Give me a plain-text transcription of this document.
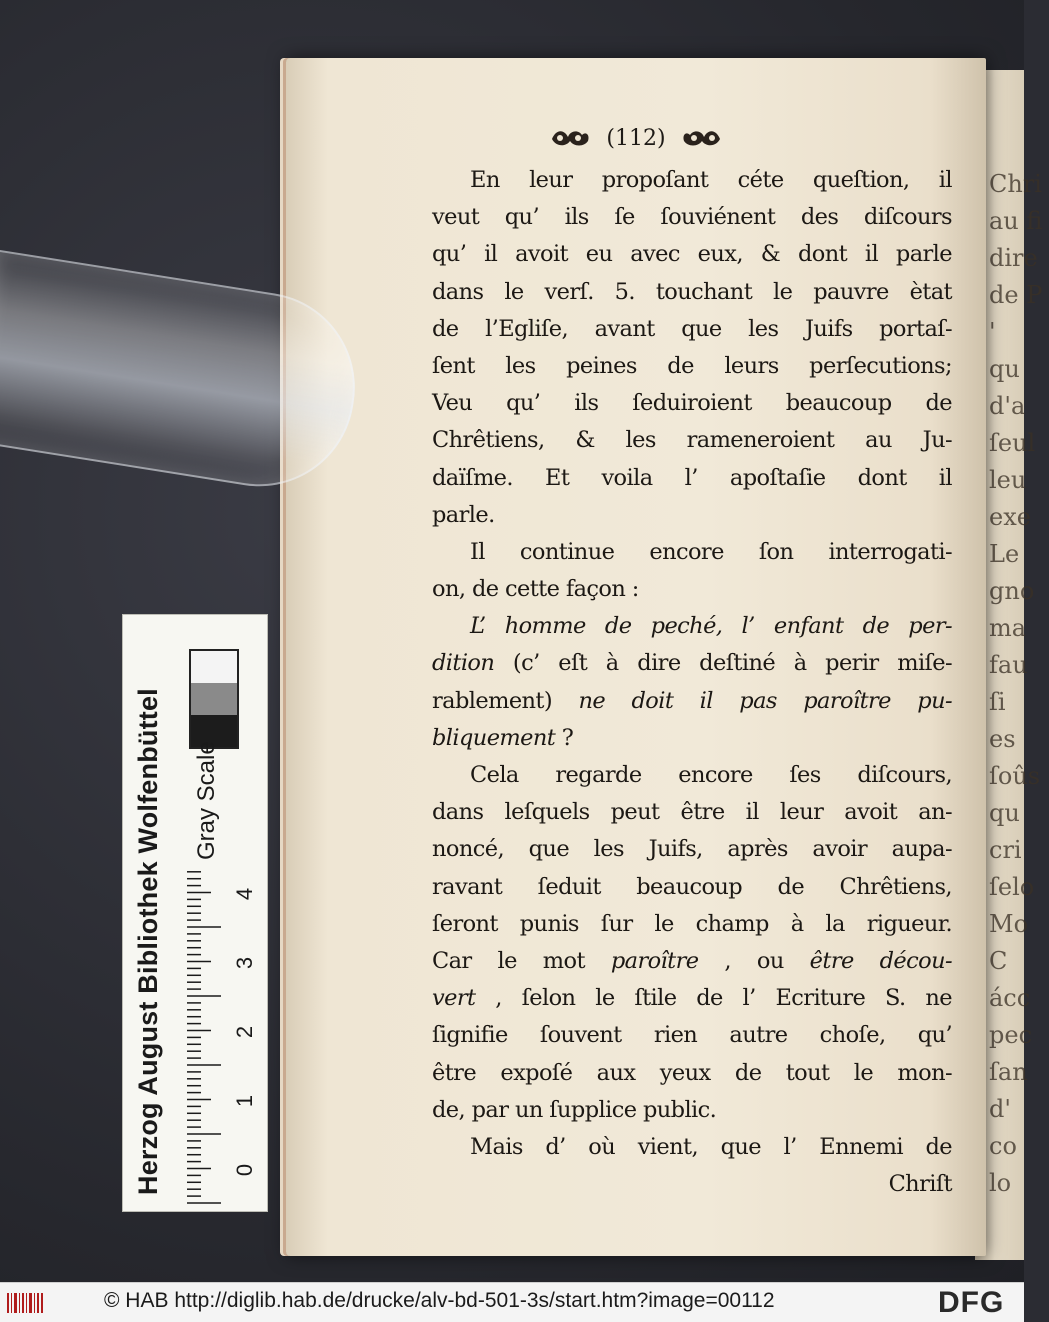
Chri
au fi
dire
de P
'
qu
d'a
ſeul
leu
exe
Le
gno
ma
fau
ſi
es
ſoûs
qu
cri
ſelo
Mo
C
ácc
pec
ſan
d'
co
lo
(112)
En leur propoſant céte queſtion, il
veut qu’ ils ſe ſouviénent des diſcours
qu’ il avoit eu avec eux, & dont il parle
dans le verſ. 5. touchant le pauvre ètat
de l’Egliſe, avant que les Juifs portaſ-
ſent les peines de leurs perſecutions;
Veu qu’ ils ſeduiroient beaucoup de
Chrêtiens, & les rameneroient au Ju-
daïſme. Et voila l’ apoſtaſie dont il
parle.
Il continue encore ſon interrogati-
on, de cette façon :
L’ homme de peché, l’ enfant de per-
dition (c’ eſt à dire deſtiné à perir miſe-
rablement) ne doit il pas paroître pu-
bliquement ?
Cela regarde encore ſes diſcours,
dans leſquels peut être il leur avoit an-
noncé, que les Juifs, après avoir aupa-
ravant ſeduit beaucoup de Chrêtiens,
ſeront punis ſur le champ à la rigueur.
Car le mot paroître , ou être décou-
vert , ſelon le ſtile de l’ Ecriture S. ne
ſignifie ſouvent rien autre choſe, qu’
être expoſé aux yeux de tout le mon-
de, par un ſupplice public.
Mais d’ où vient, que l’ Ennemi de
Chriſt
Herzog August Bibliothek Wolfenbüttel	Gray Scale
0
1
2
3
4
© HAB http://diglib.hab.de/drucke/alv-bd-501-3s/start.htm?image=00112	DFG
